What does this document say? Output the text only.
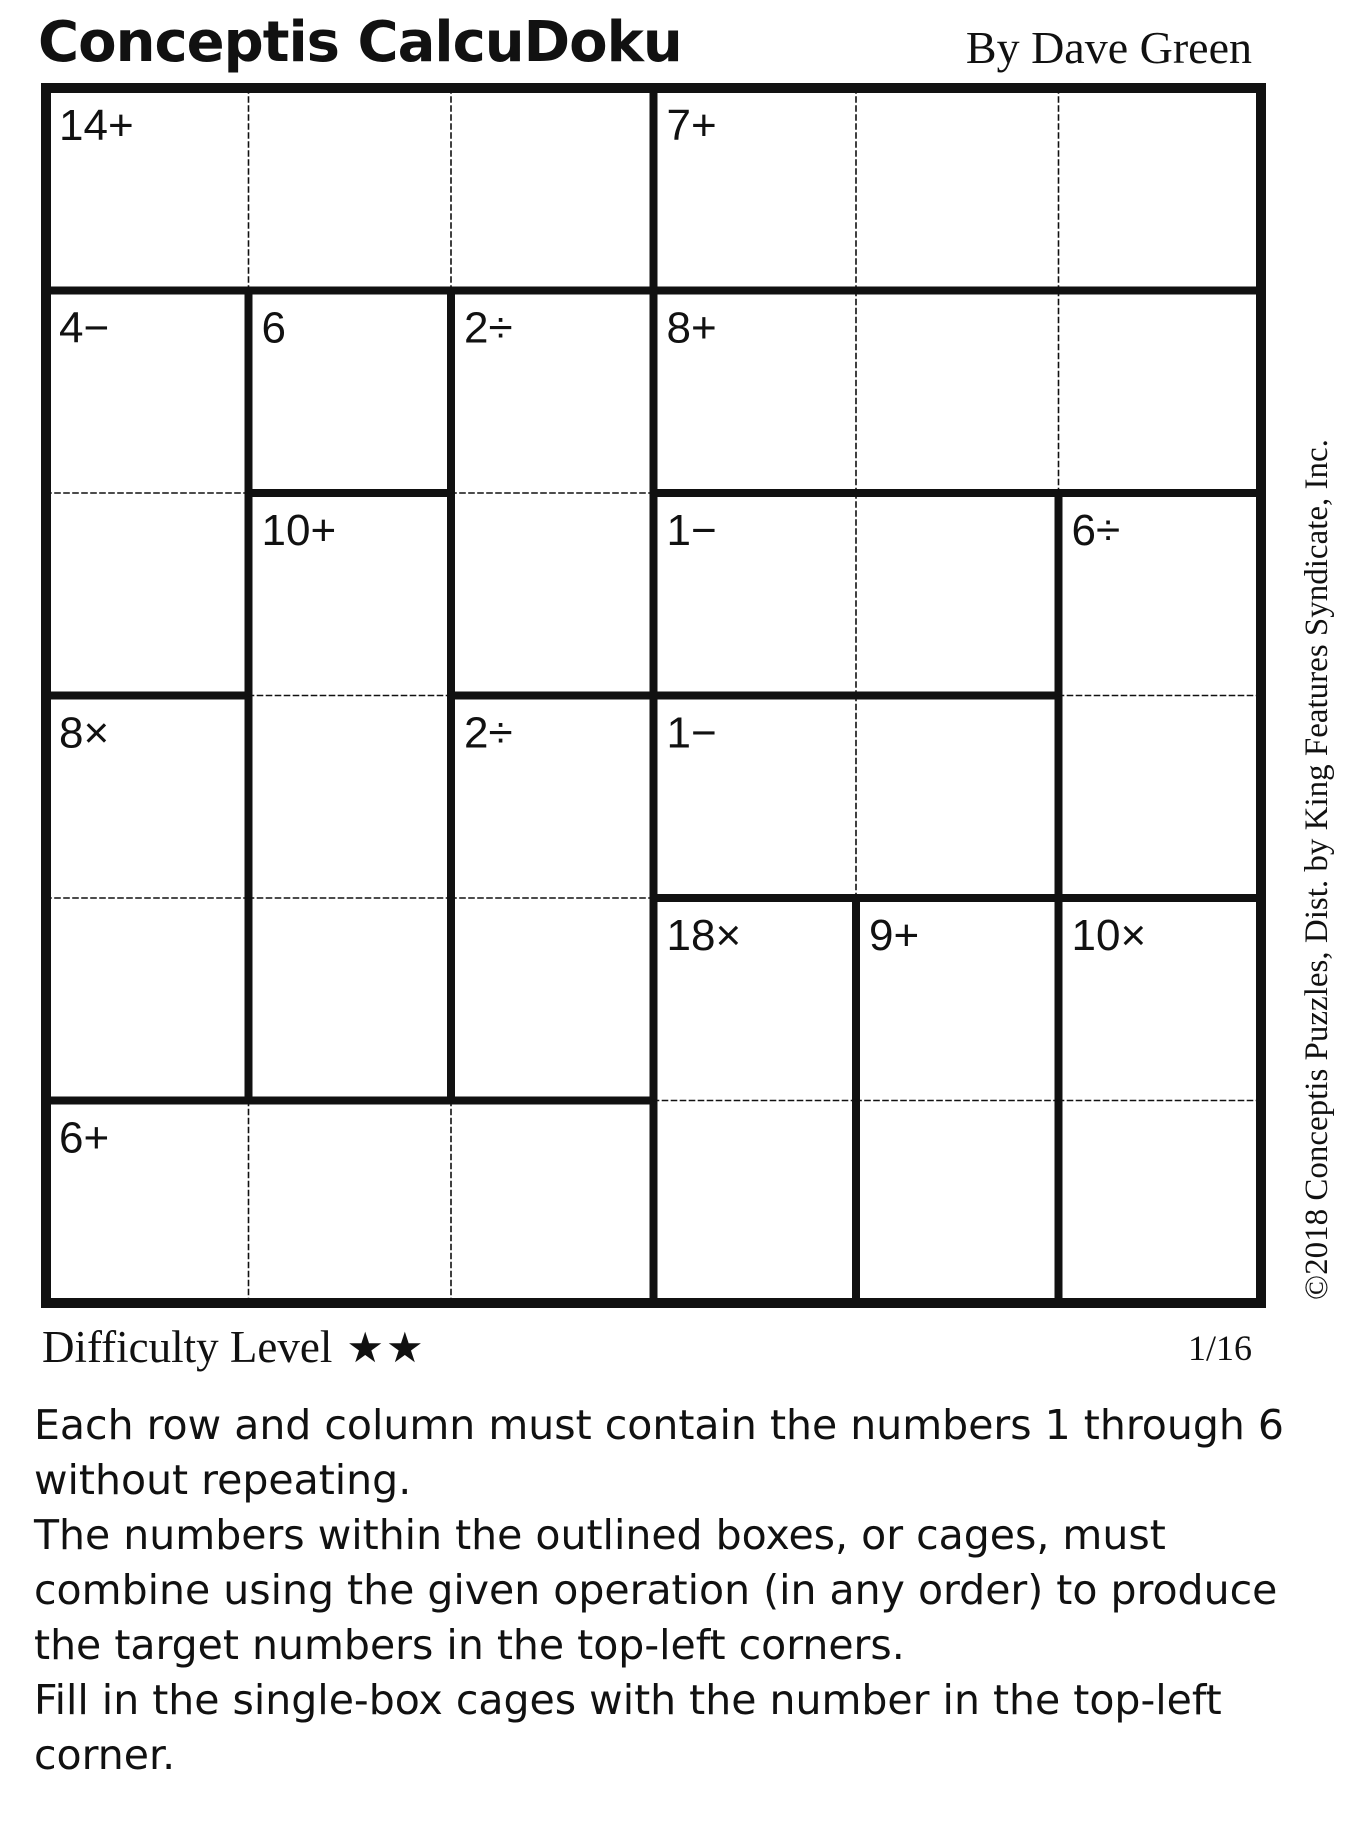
Conceptis CalcuDoku	By Dave Green
14+	7+
4−	6	2÷	8+
10+	1−	6÷
8×	2÷	1−
18×	9+	10×
6+	©2018 Conceptis Puzzles, Dist. by King Features Syndicate, Inc.
Difficulty Level ★★	1/16

Each row and column must contain the numbers 1 through 6 without repeating.

The numbers within the outlined boxes, or cages, must combine using the given operation (in any order) to produce the target numbers in the top-left corners.

Fill in the single-box cages with the number in the top-left corner.
